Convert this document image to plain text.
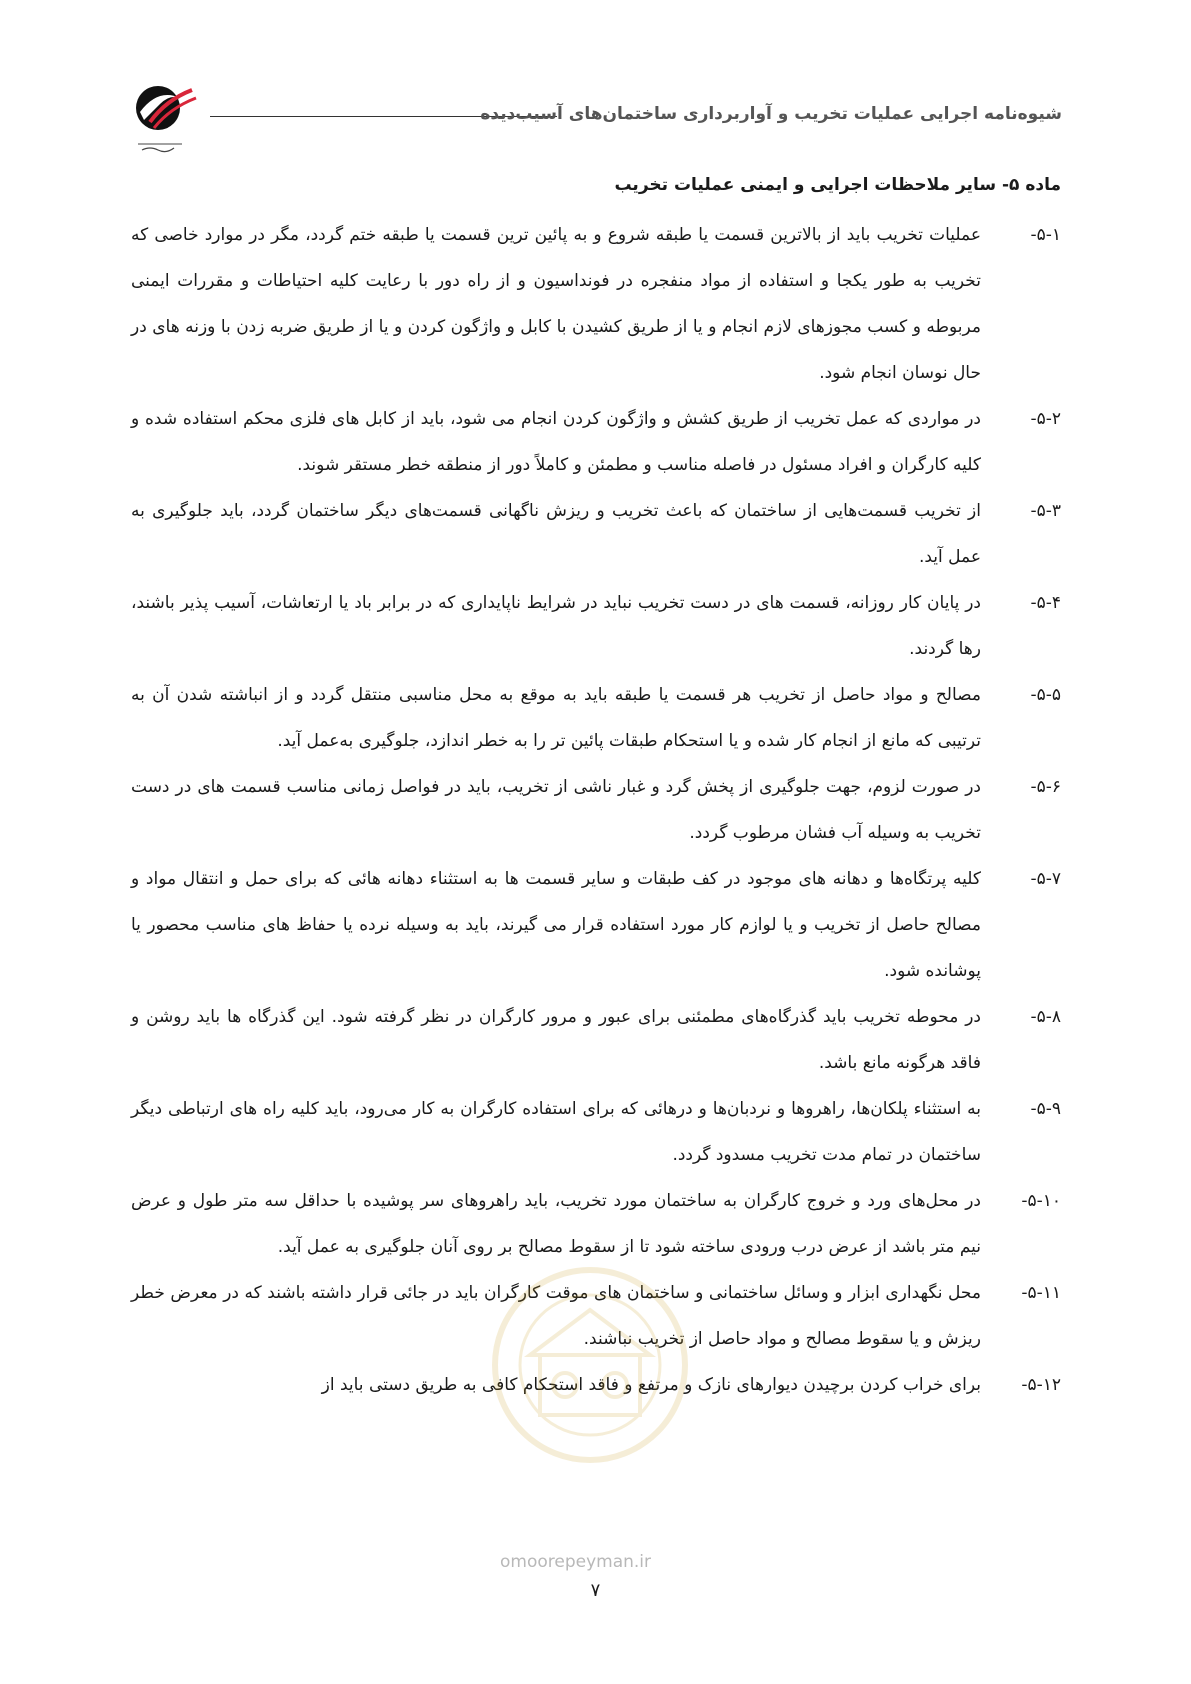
شیوه‌نامه اجرایی عملیات تخریب و آواربرداری ساختمان‌های آسیب‌دیده
ماده ۵- سایر ملاحظات اجرایی و ایمنی عملیات تخریب
۵-۱-
عملیات تخریب باید از بالاترین قسمت یا طبقه شروع و به پائین ترین قسمت یا طبقه ختم گردد، مگر در موارد خاصی که تخریب به طور یکجا و استفاده از مواد منفجره در فونداسیون و از راه دور با رعایت کلیه احتیاطات و مقررات ایمنی مربوطه و کسب مجوزهای لازم انجام و یا از طریق کشیدن با کابل و واژگون کردن و یا از طریق ضربه زدن با وزنه های در حال نوسان انجام شود.
۵-۲-
در مواردی که عمل تخریب از طریق کشش و واژگون کردن انجام می شود، باید از کابل های فلزی محکم استفاده شده و کلیه کارگران و افراد مسئول در فاصله مناسب و مطمئن و کاملاً دور از منطقه خطر مستقر شوند.
۵-۳-
از تخریب قسمت‌هایی از ساختمان که باعث تخریب و ریزش ناگهانی قسمت‌های دیگر ساختمان گردد، باید جلوگیری به عمل آید.
۵-۴-
در پایان کار روزانه، قسمت های در دست تخریب نباید در شرایط ناپایداری که در برابر باد یا ارتعاشات، آسیب پذیر باشند، رها گردند.
۵-۵-
مصالح و مواد حاصل از تخریب هر قسمت یا طبقه باید به موقع به محل مناسبی منتقل گردد و از انباشته شدن آن به ترتیبی که مانع از انجام کار شده و یا استحکام طبقات پائین تر را به خطر اندازد، جلوگیری به‌عمل آید.
۵-۶-
در صورت لزوم، جهت جلوگیری از پخش گرد و غبار ناشی از تخریب، باید در فواصل زمانی مناسب قسمت های در دست تخریب به وسیله آب فشان مرطوب گردد.
۵-۷-
کلیه پرتگاه‌ها و دهانه های موجود در کف طبقات و سایر قسمت ها به استثناء دهانه هائی که برای حمل و انتقال مواد و مصالح حاصل از تخریب و یا لوازم کار مورد استفاده قرار می گیرند، باید به وسیله نرده یا حفاظ های مناسب محصور یا پوشانده شود.
۵-۸-
در محوطه تخریب باید گذرگاه‌های مطمئنی برای عبور و مرور کارگران در نظر گرفته شود. این گذرگاه ها باید روشن و فاقد هرگونه مانع باشد.
۵-۹-
به استثناء پلکان‌ها، راهروها و نردبان‌ها و درهائی که برای استفاده کارگران به کار می‌رود، باید کلیه راه های ارتباطی دیگر ساختمان در تمام مدت تخریب مسدود گردد.
۵-۱۰-
در محل‌های ورد و خروج کارگران به ساختمان مورد تخریب، باید راهروهای سر پوشیده با حداقل سه متر طول و عرض نیم متر باشد از عرض درب ورودی ساخته شود تا از سقوط مصالح بر روی آنان جلوگیری به عمل آید.
۵-۱۱-
محل نگهداری ابزار و وسائل ساختمانی و ساختمان های موقت کارگران باید در جائی قرار داشته باشند که در معرض خطر ریزش و یا سقوط مصالح و مواد حاصل از تخریب نباشند.
۵-۱۲-
برای خراب کردن برچیدن دیوارهای نازک و مرتفع و فاقد استحکام کافی به طریق دستی باید از
omoorepeyman.ir
۷
